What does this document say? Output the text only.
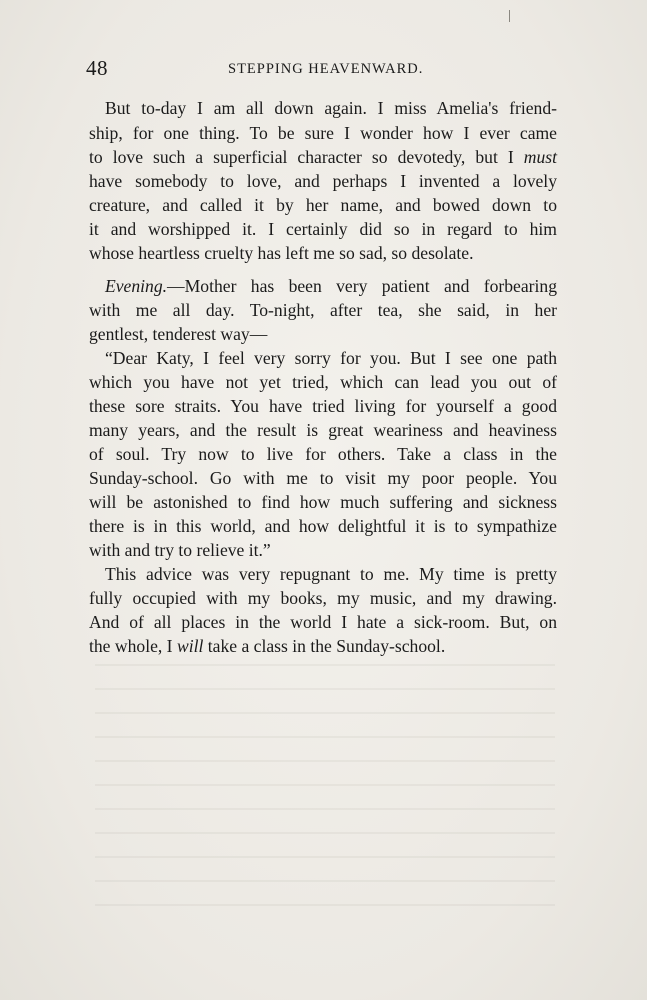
48	STEPPING HEAVENWARD.
But to-day I am all down again. I miss Amelia's friend-
ship, for one thing. To be sure I wonder how I ever came
to love such a superficial character so devotedy, but I must
have somebody to love, and perhaps I invented a lovely
creature, and called it by her name, and bowed down to
it and worshipped it. I certainly did so in regard to him
whose heartless cruelty has left me so sad, so desolate.
Evening.—Mother has been very patient and forbearing
with me all day. To-night, after tea, she said, in her
gentlest, tenderest way—
“Dear Katy, I feel very sorry for you. But I see one path
which you have not yet tried, which can lead you out of
these sore straits. You have tried living for yourself a good
many years, and the result is great weariness and heaviness
of soul. Try now to live for others. Take a class in the
Sunday-school. Go with me to visit my poor people. You
will be astonished to find how much suffering and sickness
there is in this world, and how delightful it is to sympathize
with and try to relieve it.”
This advice was very repugnant to me. My time is pretty
fully occupied with my books, my music, and my drawing.
And of all places in the world I hate a sick-room. But, on
the whole, I will take a class in the Sunday-school.
